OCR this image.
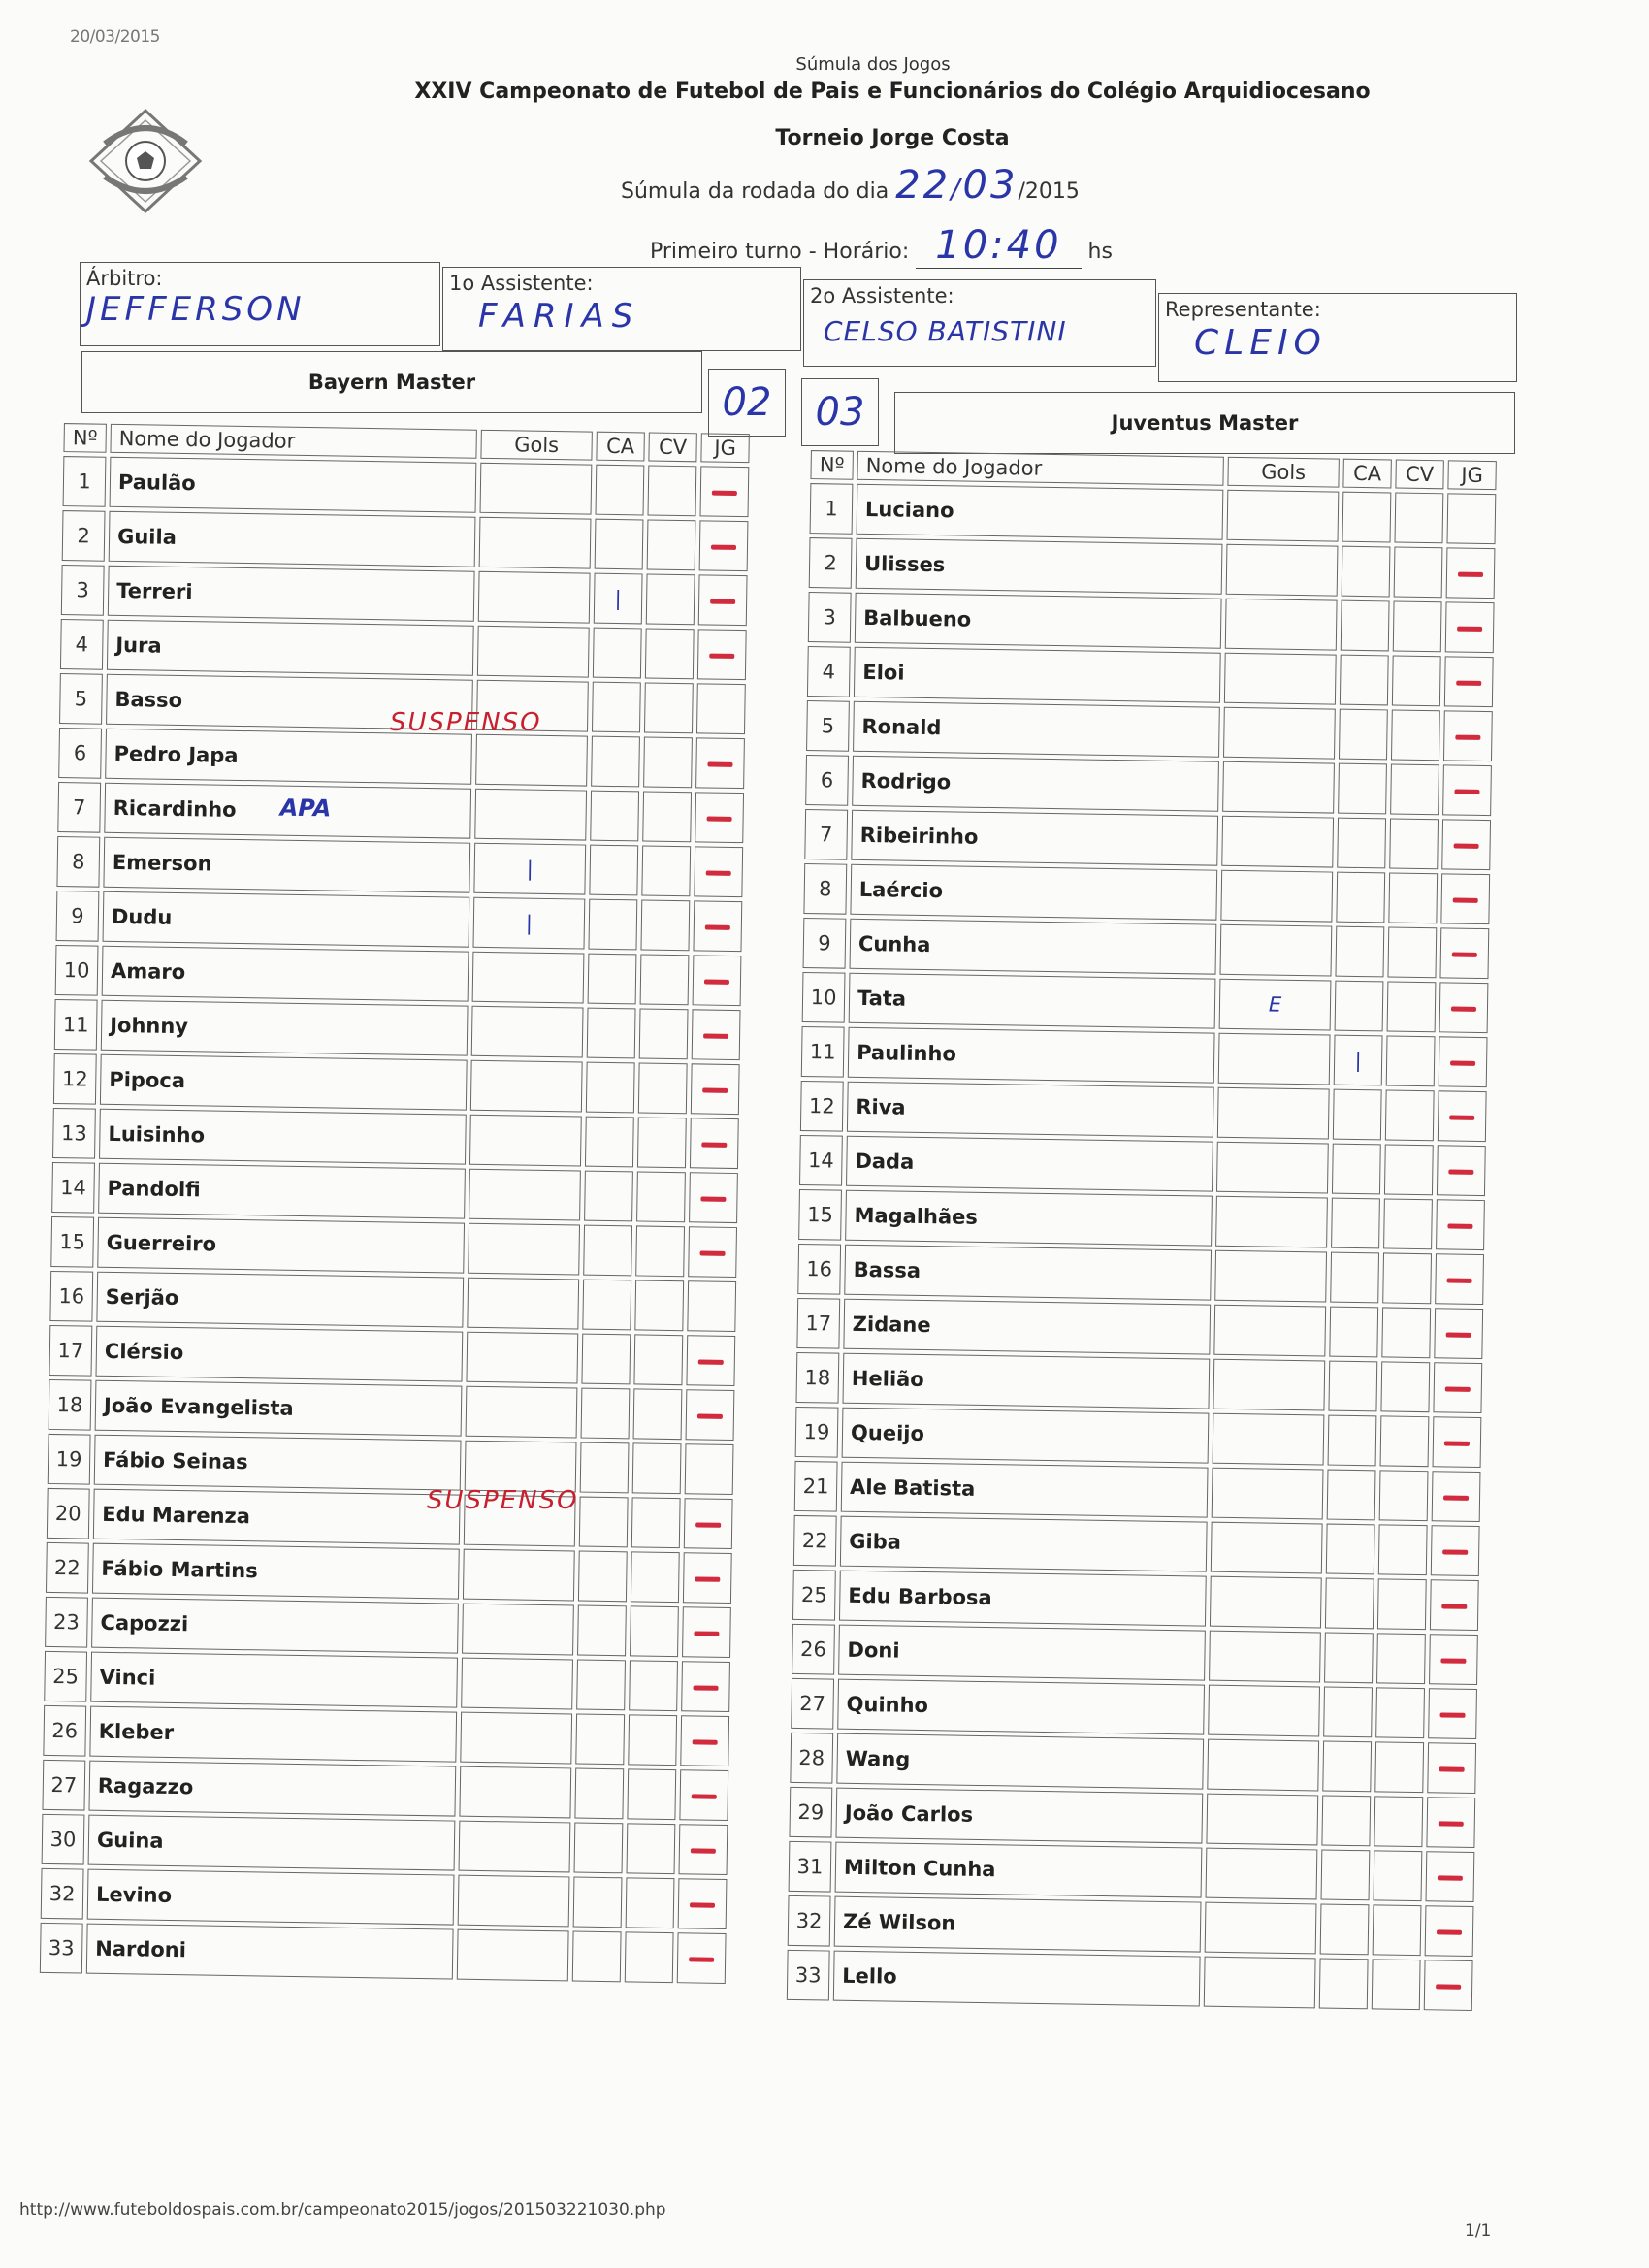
20/03/2015
Súmula dos Jogos
XXIV Campeonato de Futebol de Pais e Funcionários do Colégio Arquidiocesano
Torneio Jorge Costa
Súmula da rodada do dia 22/03/2015
Primeiro turno - Horário: 10:40 hs
Árbitro:
JEFFERSON
1o Assistente:
FARIAS
2o Assistente:
CELSO BATISTINI
Representante:
CLEIO
Bayern Master	02	03	Juventus Master
Nº	Nome do Jogador	Gols	CA	CV	JG
1	Paulão				
2	Guila				
3	Terreri		|		
4	Jura				
5	Basso				
6	Pedro Japa				
7	Ricardinho APA				

8	Emerson	|			
9	Dudu	|			
10	Amaro				
11	Johnny				
12	Pipoca				
13	Luisinho				
14	Pandolfi				
15	Guerreiro				
16	Serjão				
17	Clérsio				
18	João Evangelista				
19	Fábio Seinas				
20	Edu Marenza				
22	Fábio Martins				
23	Capozzi				
25	Vinci				
26	Kleber				
27	Ragazzo				
30	Guina				
32	Levino				
33	Nardoni				
Nº	Nome do Jogador	Gols	CA	CV	JG
1	Luciano				
2	Ulisses				
3	Balbueno				
4	Eloi				
5	Ronald				
6	Rodrigo				
7	Ribeirinho				
8	Laércio				
9	Cunha				
10	Tata	E			
11	Paulinho		|		
12	Riva				
14	Dada				
15	Magalhães				
16	Bassa				
17	Zidane				
18	Helião				
19	Queijo				
21	Ale Batista				
22	Giba				
25	Edu Barbosa				
26	Doni				
27	Quinho				
28	Wang				
29	João Carlos				
31	Milton Cunha				
32	Zé Wilson				
33	Lello				
SUSPENSO
SUSPENSO
http://www.futeboldospais.com.br/campeonato2015/jogos/201503221030.php
1/1
